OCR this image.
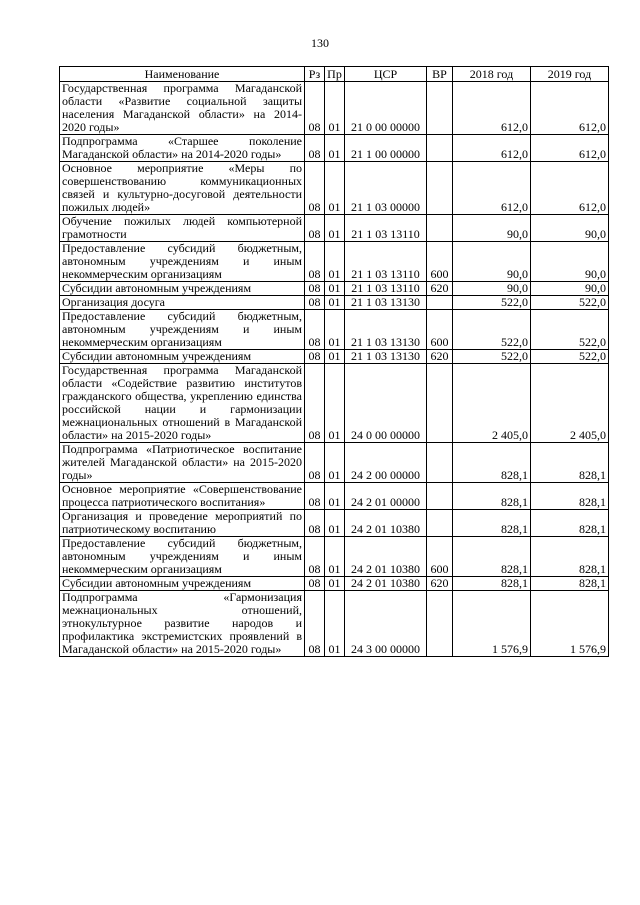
130
Наименование	Рз	Пр	ЦСР	ВР	2018 год	2019 год
Государственная программа Магаданской области «Развитие социальной защиты населения Магаданской области» на 2014-2020 годы»	08	01	21 0 00 00000		612,0	612,0
Подпрограмма «Старшее поколение Магаданской области» на 2014-2020 годы»	08	01	21 1 00 00000		612,0	612,0
Основное мероприятие «Меры по совершенствованию коммуникационных связей и культурно-досуговой деятельности пожилых людей»	08	01	21 1 03 00000		612,0	612,0
Обучение пожилых людей компьютерной грамотности	08	01	21 1 03 13110		90,0	90,0
Предоставление субсидий бюджетным, автономным учреждениям и иным некоммерческим организациям	08	01	21 1 03 13110	600	90,0	90,0
Субсидии автономным учреждениям	08	01	21 1 03 13110	620	90,0	90,0
Организация досуга	08	01	21 1 03 13130		522,0	522,0
Предоставление субсидий бюджетным, автономным учреждениям и иным некоммерческим организациям	08	01	21 1 03 13130	600	522,0	522,0
Субсидии автономным учреждениям	08	01	21 1 03 13130	620	522,0	522,0
Государственная программа Магаданской области «Содействие развитию институтов гражданского общества, укреплению единства российской нации и гармонизации межнациональных отношений в Магаданской области» на 2015-2020 годы»	08	01	24 0 00 00000		2 405,0	2 405,0
Подпрограмма «Патриотическое воспитание жителей Магаданской области» на 2015-2020 годы»	08	01	24 2 00 00000		828,1	828,1
Основное мероприятие «Совершенствование процесса патриотического воспитания»	08	01	24 2 01 00000		828,1	828,1
Организация и проведение мероприятий по патриотическому воспитанию	08	01	24 2 01 10380		828,1	828,1
Предоставление субсидий бюджетным, автономным учреждениям и иным некоммерческим организациям	08	01	24 2 01 10380	600	828,1	828,1
Субсидии автономным учреждениям	08	01	24 2 01 10380	620	828,1	828,1
Подпрограмма «Гармонизация межнациональных отношений, этнокультурное развитие народов и профилактика экстремистских проявлений в Магаданской области» на 2015-2020 годы»	08	01	24 3 00 00000		1 576,9	1 576,9
